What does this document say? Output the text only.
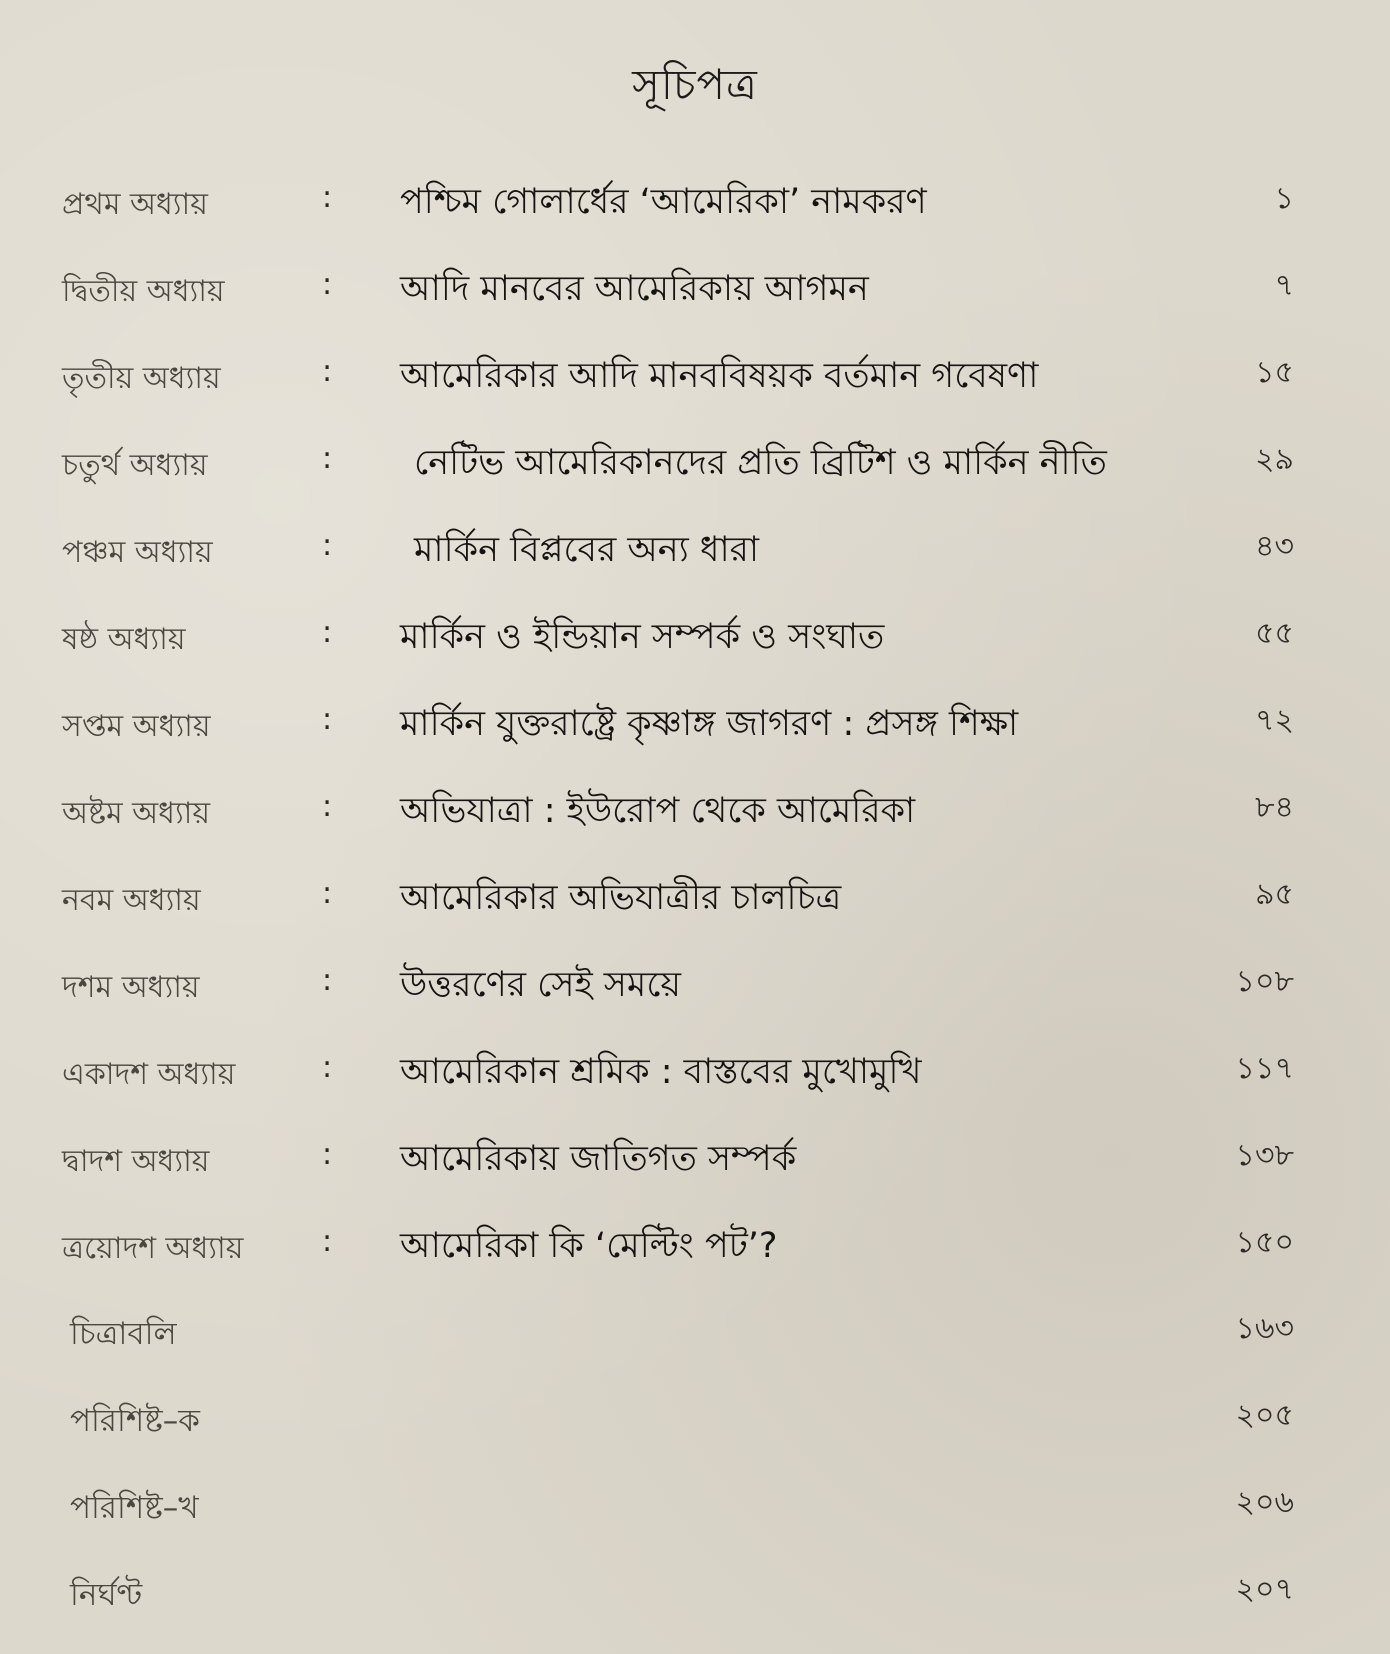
সূচিপত্র
প্রথম অধ্যায়	: পশ্চিম গোলার্ধের ‘আমেরিকা’ নামকরণ	১
দ্বিতীয় অধ্যায়	: আদি মানবের আমেরিকায় আগমন	৭
তৃতীয় অধ্যায়	: আমেরিকার আদি মানববিষয়ক বর্তমান গবেষণা	১৫
চতুর্থ অধ্যায়	: নেটিভ আমেরিকানদের প্রতি ব্রিটিশ ও মার্কিন নীতি	২৯
পঞ্চম অধ্যায়	: মার্কিন বিপ্লবের অন্য ধারা	৪৩
ষষ্ঠ অধ্যায়	: মার্কিন ও ইন্ডিয়ান সম্পর্ক ও সংঘাত	৫৫
সপ্তম অধ্যায়	: মার্কিন যুক্তরাষ্ট্রে কৃষ্ণাঙ্গ জাগরণ : প্রসঙ্গ শিক্ষা	৭২
অষ্টম অধ্যায়	: অভিযাত্রা : ইউরোপ থেকে আমেরিকা	৮৪
নবম অধ্যায়	: আমেরিকার অভিযাত্রীর চালচিত্র	৯৫
দশম অধ্যায়	: উত্তরণের সেই সময়ে	১০৮
একাদশ অধ্যায়	: আমেরিকান শ্রমিক : বাস্তবের মুখোমুখি	১১৭
দ্বাদশ অধ্যায়	: আমেরিকায় জাতিগত সম্পর্ক	১৩৮
ত্রয়োদশ অধ্যায়	: আমেরিকা কি ‘মেল্টিং পট’?	১৫০
চিত্রাবলি	১৬৩
পরিশিষ্ট–ক	২০৫
পরিশিষ্ট–খ	২০৬
নির্ঘণ্ট	২০৭
